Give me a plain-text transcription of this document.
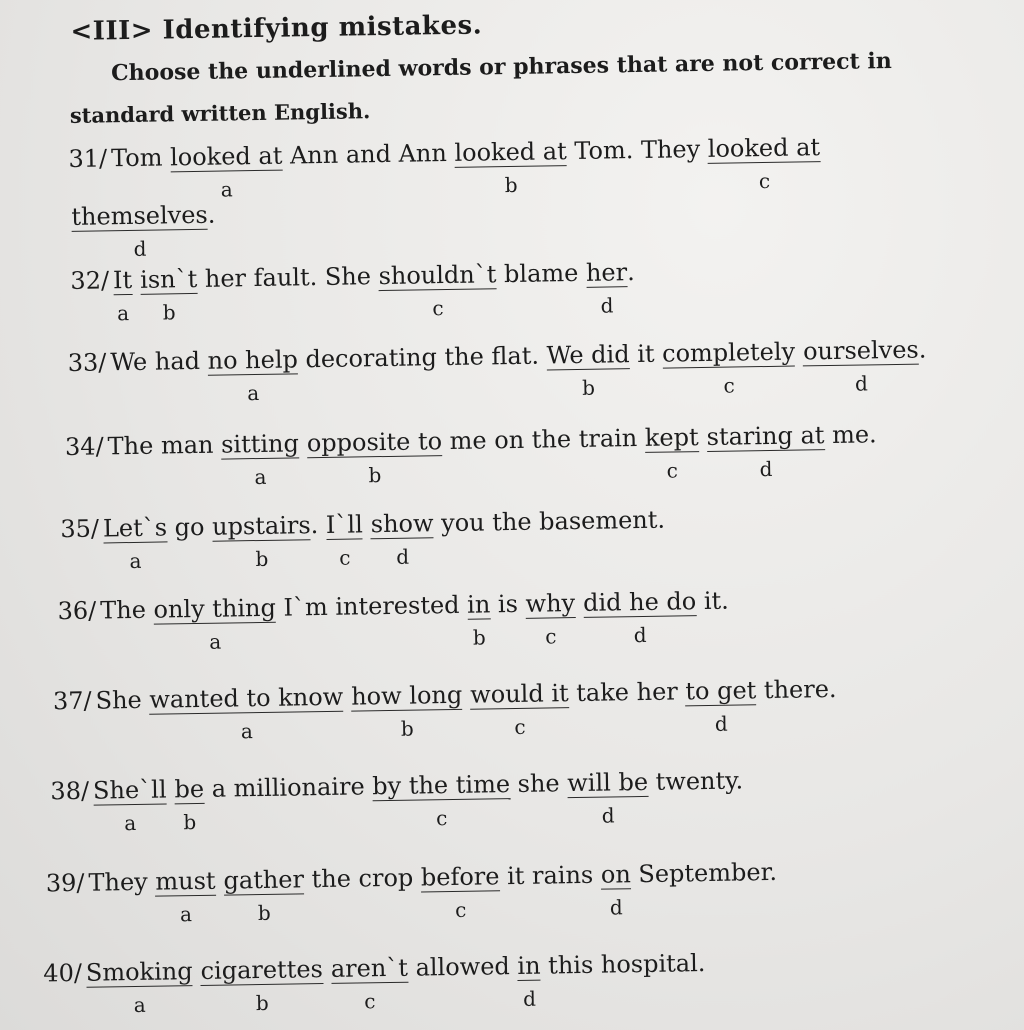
<III> Identifying mistakes.
Choose the underlined words or phrases that are not correct in
standard written English.
31/ Tom looked at
a
Ann and Ann looked at
b
Tom. They looked at
c
themselves
d
.
32/ It
a
isn`t
b
her fault. She shouldn`t
c
blame her
d
.
33/ We had no help
a
decorating the flat. We did
b
it completely
c
ourselves
d
.
34/ The man sitting
a
opposite to
b
me on the train kept
c
staring at
d
me.
35/ Let`s
a
go upstairs
b
. I`ll
c
show
d
you the basement.
36/ The only thing
a
I`m interested in
b
is why
c
did he do
d
it.
37/ She wanted to know
a
how long
b
would it
c
take her to get
d
there.
38/ She`ll
a
be
b
a millionaire by the time
c
she will be
d
twenty.
39/ They must
a
gather
b
the crop before
c
it rains on
d
September.
40/ Smoking
a
cigarettes
b
aren`t
c
allowed in
d
this hospital.
